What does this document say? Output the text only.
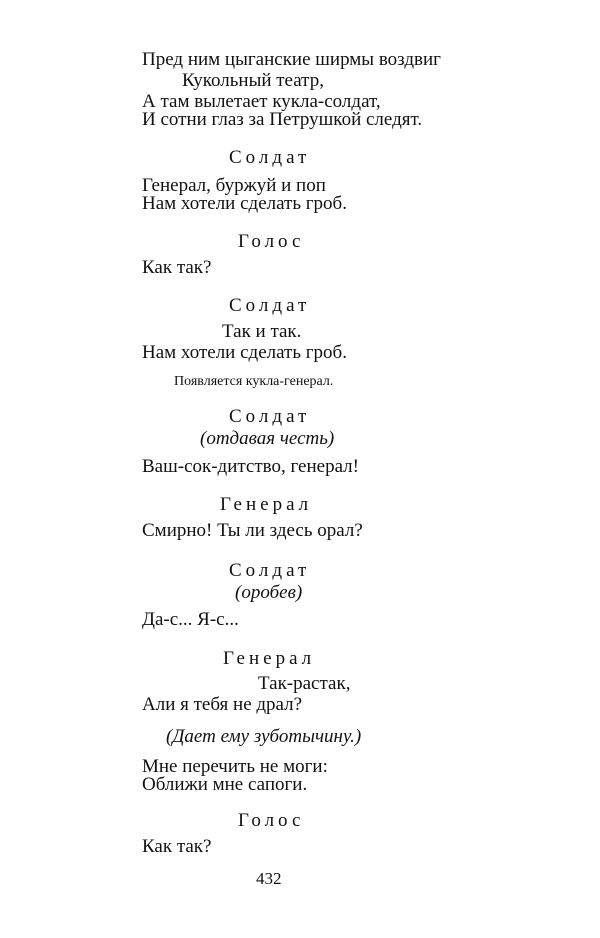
Пред ним цыганские ширмы воздвиг
Кукольный театр,
А там вылетает кукла-солдат,
И сотни глаз за Петрушкой следят.
Солдат
Генерал, буржуй и поп
Нам хотели сделать гроб.
Голос
Как так?
Солдат
Так и так.
Нам хотели сделать гроб.
Появляется кукла-генерал.
Солдат
(отдавая честь)
Ваш-сок-дитство, генерал!
Генерал
Смирно! Ты ли здесь орал?
Солдат
(оробев)
Да-с... Я-с...
Генерал
Так-растак,
Али я тебя не драл?
(Дает ему зуботычину.)
Мне перечить не моги:
Оближи мне сапоги.
Голос
Как так?
432
